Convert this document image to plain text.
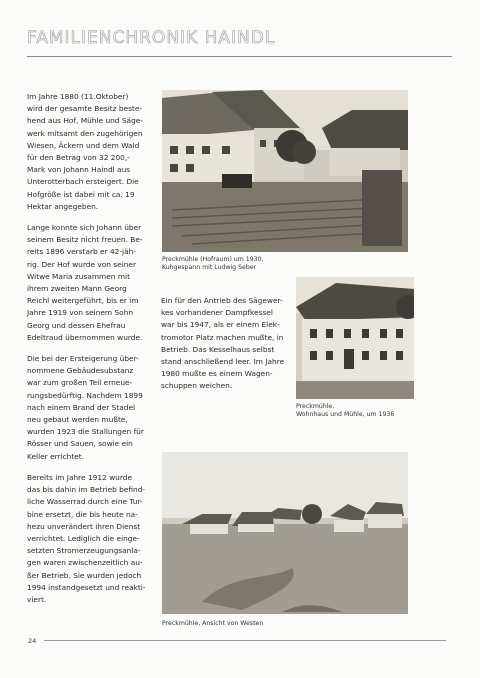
FAMILIENCHRONIK HAINDL

Im Jahre 1880 (11.Oktober)
wird der gesamte Besitz beste-
hend aus Hof, Mühle und Säge-
werk mitsamt den zugehörigen
Wiesen, Äckern und dem Wald
für den Betrag von 32 200,-
Mark von Johann Haindl aus
Unterotterbach ersteigert. Die
Hofgröße ist dabei mit ca. 19
Hektar angegeben.

Lange konnte sich Johann über
seinem Besitz nicht freuen. Be-
reits 1896 verstarb er 42-jäh-
rig. Der Hof wurde von seiner
Witwe Maria zusammen mit
ihrem zweiten Mann Georg
Reichl weitergeführt, bis er im
Jahre 1919 von seinem Sohn
Georg und dessen Ehefrau
Edeltraud übernommen wurde.

Die bei der Ersteigerung über-
nommene Gebäudesubstanz
war zum großen Teil erneue-
rungsbedürftig. Nachdem 1899
nach einem Brand der Stadel
neu gebaut werden mußte,
wurden 1923 die Stallungen für
Rösser und Sauen, sowie ein
Keller errichtet.

Bereits im Jahre 1912 wurde
das bis dahin im Betrieb befind-
liche Wasserrad durch eine Tur-
bine ersetzt, die bis heute na-
hezu unverändert ihren Dienst
verrichtet. Lediglich die einge-
setzten Stromerzeugungsanla-
gen waren zwischenzeitlich au-
ßer Betrieb. Sie wurden jedoch
1994 instandgesetzt und reakti-
viert.

Preckmühle (Hofraum) um 1930,
Kuhgespann mit Ludwig Seber

Ein für den Antrieb des Sägewer-
kes vorhandener Dampfkessel
war bis 1947, als er einem Elek-
tromotor Platz machen mußte, in
Betrieb. Das Kesselhaus selbst
stand anschließend leer. Im Jahre
1980 mußte es einem Wagen-
schuppen weichen.

Preckmühle,
Wohnhaus und Mühle, um 1936
Preckmühle, Ansicht von Westen
24
